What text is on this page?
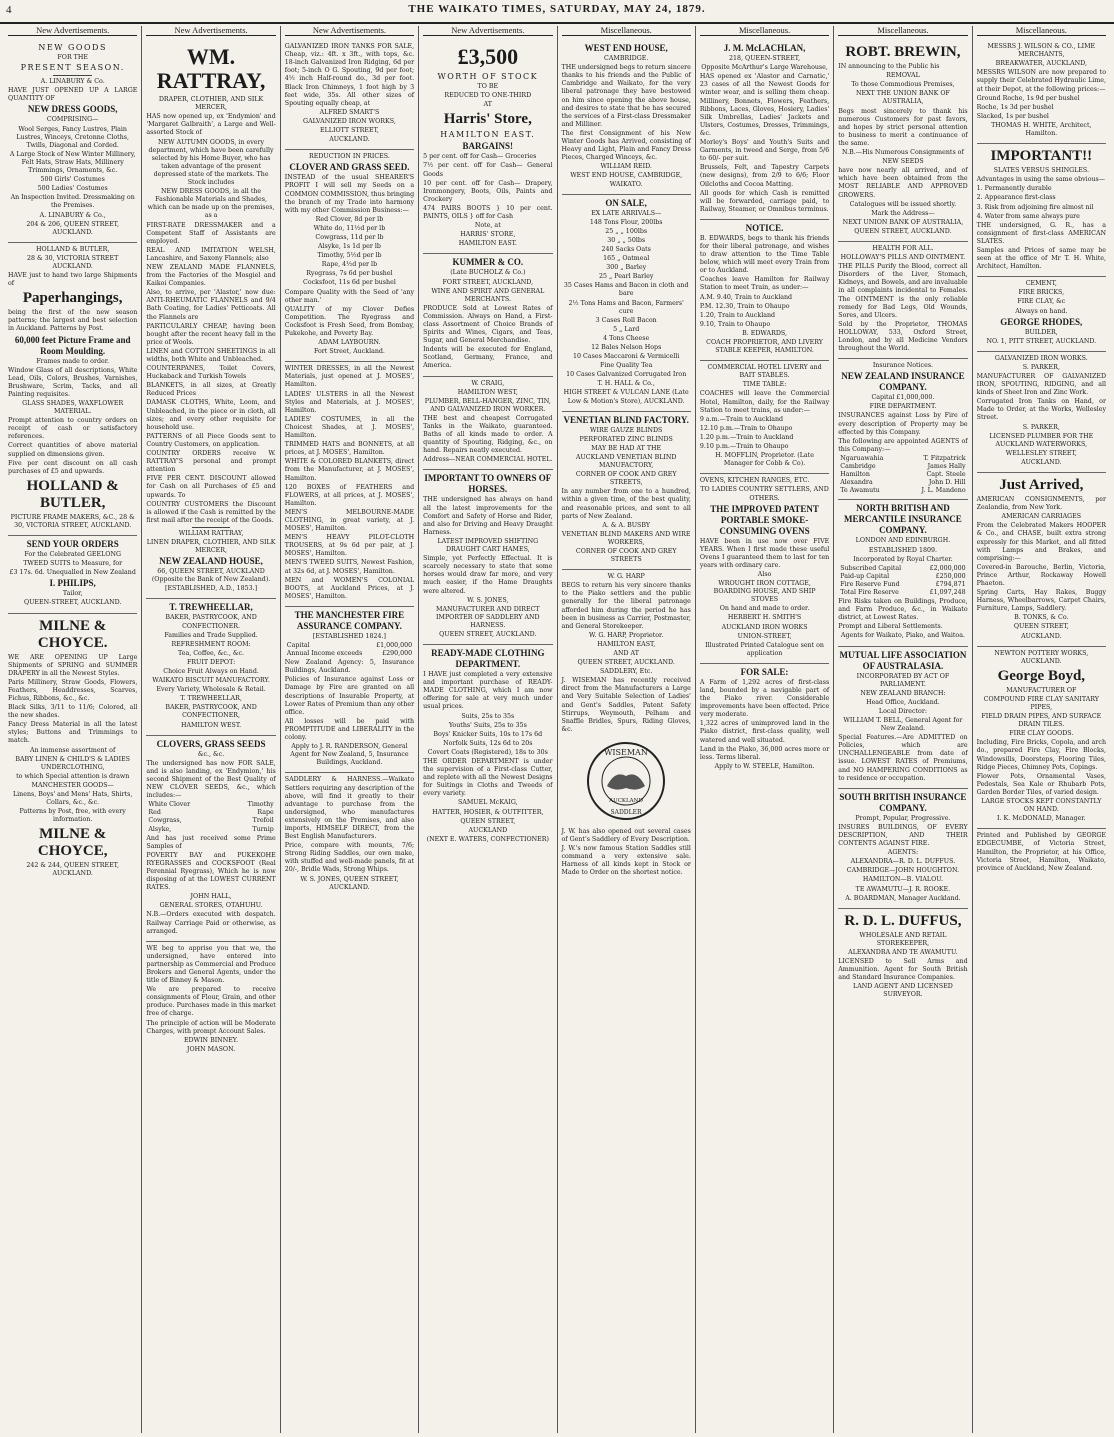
4	THE WAIKATO TIMES, SATURDAY, MAY 24, 1879.
New Advertisements.
NEW GOODS
FOR THE
PRESENT SEASON.
A. LINABURY & Co.
HAVE JUST OPENED UP A LARGE QUANTITY OF
NEW DRESS GOODS,
COMPRISING—
Wool Serges, Fancy Lustres, Plain Lustres, Winceys, Cretonne Cloths, Twills, Diagonal and Corded.
A Large Stock of New Winter Millinery, Felt Hats, Straw Hats, Millinery Trimmings, Ornaments, &c.
500 Girls' Costumes
500 Ladies' Costumes
An Inspection Invited. Dressmaking on the Premises.
A. LINABURY & Co.,
204 & 206, QUEEN STREET, AUCKLAND.
HOLLAND & BUTLER,
28 & 30, VICTORIA STREET AUCKLAND.
HAVE just to hand two large Shipments of
Paperhangings,
being the first of the new season patterns; the largest and best selection in Auckland. Patterns by Post.
60,000 feet Picture Frame and Room Moulding.
Frames made to order.
Window Glass of all descriptions, White Lead, Oils, Colors, Brushes, Varnishes, Brushware, Scrim, Tacks, and all Painting requisites.
GLASS SHADES, WAXFLOWER MATERIAL.
Prompt attention to country orders on receipt of cash or satisfactory references.
Correct quantities of above material supplied on dimensions given.
Five per cent discount on all cash purchases of £5 and upwards.
HOLLAND & BUTLER,
PICTURE FRAME MAKERS, &C., 28 & 30, VICTORIA STREET, AUCKLAND.
SEND YOUR ORDERS
For the Celebrated GEELONG
TWEED SUITS to Measure, for
£3 17s. 6d. Unequalled in New Zealand
I. PHILIPS,
Tailor,
QUEEN-STREET, AUCKLAND.
MILNE & CHOYCE.
WE ARE OPENING UP Large Shipments of SPRING and SUMMER DRAPERY in all the Newest Styles.
Paris Millinery, Straw Goods, Flowers, Feathers, Headdresses, Scarves, Fichus, Ribbons, &c., &c.
Black Silks, 3/11 to 11/6; Colored, all the new shades.
Fancy Dress Material in all the latest styles; Buttons and Trimmings to match.
An immense assortment of
BABY LINEN & CHILD'S & LADIES UNDERCLOTHING,
to which Special attention is drawn
MANCHESTER GOODS—
Linens, Boys' and Mens' Hats, Shirts, Collars, &c., &c.
Patterns by Post, free, with every information.
MILNE & CHOYCE,
242 & 244, QUEEN STREET, AUCKLAND.
New Advertisements.
WM. RATTRAY,
DRAPER, CLOTHIER, AND SILK MERCER,
HAS now opened up, ex 'Endymion' and 'Margaret Galbraith', a Large and Well-assorted Stock of
NEW AUTUMN GOODS, in every department, which have been carefully selected by his Home Buyer, who has taken advantage of the present depressed state of the markets. The Stock includes
NEW DRESS GOODS, in all the Fashionable Materials and Shades, which can be made up on the premises, as a
FIRST-RATE DRESSMAKER and a Competent Staff of Assistants are employed.
REAL AND IMITATION WELSH, Lancashire, and Saxony Flannels; also
NEW ZEALAND MADE FLANNELS, from the Factories of the Mosgiel and Kaikoi Companies.
Also, to arrive, per 'Alastor,' now due: ANTI-RHEUMATIC FLANNELS and 9/4 Bath Coating, for Ladies' Petticoats. All the Flannels are
PARTICULARLY CHEAP, having been bought after the recent heavy fall in the price of Wools.
LINEN and COTTON SHEETINGS in all widths, both White and Unbleached.
COUNTERPANES, Toilet Covers, Huckaback and Turkish Towels
BLANKETS, in all sizes, at Greatly Reduced Prices
DAMASK CLOTHS, White, Loom, and Unbleached, in the piece or in cloth, all sizes; and every other requisite for household use.
PATTERNS of all Piece Goods sent to Country Customers, on application.
COUNTRY ORDERS receive W. RATTRAY'S personal and prompt attention
FIVE PER CENT. DISCOUNT allowed for Cash on all Purchases of £5 and upwards. To
COUNTRY CUSTOMERS the Discount is allowed if the Cash is remitted by the first mail after the receipt of the Goods.
WILLIAM RATTRAY,
LINEN DRAPER, CLOTHIER, AND SILK MERCER,
NEW ZEALAND HOUSE,
66, QUEEN STREET, AUCKLAND (Opposite the Bank of New Zealand).
[ESTABLISHED, A.D., 1853.]
T. TREWHEELLAR,
BAKER, PASTRYCOOK, AND CONFECTIONER.
Families and Trade Supplied.
REFRESHMENT ROOM:
Tea, Coffee, &c., &c.
FRUIT DEPOT:
Choice Fruit Always on Hand.
WAIKATO BISCUIT MANUFACTORY.
Every Variety, Wholesale & Retail.
T. TREWHEELLAR,
BAKER, PASTRYCOOK, AND CONFECTIONER,
HAMILTON WEST.
CLOVERS, GRASS SEEDS
&c., &c.
The undersigned has now FOR SALE, and is also landing, ex 'Endymion,' his second Shipment of the Best Quality of NEW CLOVER SEEDS, &c., which includes:—
White Clover	Timothy
Red	Rape
Cowgrass,	Trefoil
Alsyke,	Turnip
And has just received some Prime Samples of
POVERTY BAY and PUKEKOHE RYEGRASSES and COCKSFOOT (Real Perennial Ryegrass), Which he is now disposing of at the LOWEST CURRENT RATES.
JOHN HALL,
GENERAL STORES, OTAHUHU.
N.B.—Orders executed with despatch. Railway Carriage Paid or otherwise, as arranged.
WE beg to apprise you that we, the undersigned, have entered into partnership as Commercial and Produce Brokers and General Agents, under the title of Binney & Mason.
We are prepared to receive consignments of Flour, Grain, and other produce. Purchases made in this market free of charge.
The principle of action will be Moderate Charges, with prompt Account Sales.
EDWIN BINNEY.
JOHN MASON.
New Advertisements.
GALVANIZED IRON TANKS FOR SALE, Cheap, viz.: 4ft. x 3ft., with tops, &c. 18-inch Galvanized Iron Ridging, 6d per foot; 5-inch O G. Spouting, 9d per foot; 4½ inch Half-round do., 3d per foot. Black Iron Chimneys, 1 foot high by 3 feet wide, 35s. All other sizes of Spouting equally cheap, at
ALFRED SMART'S
GALVANIZED IRON WORKS,
ELLIOTT STREET,
AUCKLAND.
REDUCTION IN PRICES.
CLOVER AND GRASS SEED.
INSTEAD of the usual SHEARER'S PROFIT I will sell my Seeds on a COMMON COMMISSION, thus bringing the branch of my Trade into harmony with my other Commission Business:—
Red Clover, 8d per lb
White do, 11½d per lb
Cowgrass, 11d per lb
Alsyke, 1s 1d per lb
Timothy, 5½d per lb
Rape, 4½d per lb
Ryegrass, 7s 6d per bushel
Cocksfoot, 11s 6d per bushel
Compare Quality with the Seed of 'any other man.'
QUALITY of my Clover Defies Competition. The Ryegrass and Cocksfoot is Fresh Seed, from Bombay, Pukekohe, and Poverty Bay.
ADAM LAYBOURN.
Fort Street, Auckland.
WINTER DRESSES, in all the Newest Materials, just opened at J. MOSES', Hamilton.
LADIES' ULSTERS in all the Newest Styles and Materials, at J. MOSES', Hamilton.
LADIES' COSTUMES, in all the Choicest Shades, at J. MOSES', Hamilton.
TRIMMED HATS and BONNETS, at all prices, at J. MOSES', Hamilton.
WHITE & COLORED BLANKETS, direct from the Manufacturer, at J. MOSES', Hamilton.
120 BOXES of FEATHERS and FLOWERS, at all prices, at J. MOSES', Hamilton.
MEN'S MELBOURNE-MADE CLOTHING, in great variety, at J. MOSES', Hamilton.
MEN'S HEAVY PILOT-CLOTH TROUSERS, at 9s 6d per pair, at J. MOSES', Hamilton.
MEN'S TWEED SUITS, Newest Fashion, at 32s 6d, at J. MOSES', Hamilton.
MEN and WOMEN'S COLONIAL BOOTS, at Auckland Prices, at J. MOSES', Hamilton.
THE MANCHESTER FIRE ASSURANCE COMPANY.
[ESTABLISHED 1824.]
Capital	£1,000,000
Annual Income exceeds	£290,000
New Zealand Agency: 5, Insurance Buildings, Auckland.
Policies of Insurance against Loss or Damage by Fire are granted on all descriptions of Insurable Property, at Lower Rates of Premium than any other office.
All losses will be paid with PROMPTITUDE and LIBERALITY in the colony.
Apply to J. R. RANDERSON, General Agent for New Zealand, 5, Insurance Buildings, Auckland.
SADDLERY & HARNESS.—Waikato Settlers requiring any description of the above, will find it greatly to their advantage to purchase from the undersigned, who manufactures extensively on the Premises, and also imports, HIMSELF DIRECT, from the Best English Manufacturers.
Price, compare with mounts, 7/6; Strong Riding Saddles, our own make, with stuffed and well-made panels, fit at 20/-, Bridle Wads, Strong Whips.
W. S. JONES, QUEEN STREET, AUCKLAND.
New Advertisements.
£3,500
WORTH OF STOCK
TO BE
REDUCED TO ONE-THIRD
AT
Harris' Store,
HAMILTON EAST.
BARGAINS!
5 per cent. off for Cash— Groceries
7½ per cent. off for Cash— General Goods
10 per cent. off for Cash— Drapery, Ironmongery, Boots, Oils, Paints and Crockery
474 PAIRS BOOTS } 10 per cent. PAINTS, OILS } off for Cash
Note, at
HARRIS' STORE,
HAMILTON EAST.
KUMMER & CO.
(Late BUCHOLZ & Co.)
FORT STREET, AUCKLAND,
WINE AND SPIRIT AND GENERAL MERCHANTS.
PRODUCE Sold at Lowest Rates of Commission. Always on Hand, a First-class Assortment of Choice Brands of Spirits and Wines, Cigars, and Teas, Sugar, and General Merchandise.
Indents will be executed for England, Scotland, Germany, France, and America.
W. CRAIG,
HAMILTON WEST,
PLUMBER, BELL-HANGER, ZINC, TIN, AND GALVANIZED IRON WORKER.
THE best and cheapest Corrugated Tanks in the Waikato, guaranteed. Baths of all kinds made to order. A quantity of Spouting, Ridging, &c., on hand. Repairs neatly executed.
Address—NEAR COMMERCIAL HOTEL.
IMPORTANT TO OWNERS OF HORSES.
THE undersigned has always on hand all the latest improvements for the Comfort and Safety of Horse and Rider, and also for Driving and Heavy Draught Harness.
LATEST IMPROVED SHIFTING DRAUGHT CART HAMES,
Simple, yet Perfectly Effectual. It is scarcely necessary to state that some horses would draw far more, and very much easier, if the Hame Draughts were altered.
W. S. JONES,
MANUFACTURER AND DIRECT IMPORTER OF SADDLERY AND HARNESS.
QUEEN STREET, AUCKLAND.
READY-MADE CLOTHING DEPARTMENT.
I HAVE just completed a very extensive and important purchase of READY-MADE CLOTHING, which I am now offering for sale at very much under usual prices.
Suits, 25s to 35s
Youths' Suits, 25s to 35s
Boys' Knicker Suits, 10s to 17s 6d
Norfolk Suits, 12s 6d to 20s
Covert Coats (Registered), 18s to 30s
THE ORDER DEPARTMENT is under the supervision of a First-class Cutter, and replete with all the Newest Designs for Suitings in Cloths and Tweeds of every variety.
SAMUEL McKAIG,
HATTER, HOSIER, & OUTFITTER,
QUEEN STREET,
AUCKLAND
(NEXT E. WATERS, CONFECTIONER)
Miscellaneous.
WEST END HOUSE,
CAMBRIDGE.
THE undersigned begs to return sincere thanks to his friends and the Public of Cambridge and Waikato, for the very liberal patronage they have bestowed on him since opening the above house, and desires to state that he has secured the services of a First-class Dressmaker and Milliner.
The first Consignment of his New Winter Goods has Arrived, consisting of Heavy and Light, Plain and Fancy Dress Pieces, Charged Winceys, &c.
WILLIAM REID.
WEST END HOUSE, CAMBRIDGE, WAIKATO.
ON SALE,
EX LATE ARRIVALS—
148 Tons Flour, 200lbs
25 „ „ 100lbs
30 „ „ 50lbs
240 Sacks Oats
165 „ Oatmeal
300 „ Barley
25 „ Pearl Barley
35 Cases Hams and Bacon in cloth and bare
2½ Tons Hams and Bacon, Farmers' cure
3 Cases Roll Bacon
5 „ Lard
4 Tons Cheese
12 Bales Nelson Hops
10 Cases Maccaroni & Vermicelli
Fine Quality Tea
10 Cases Galvanized Corrugated Iron
T. H. HALL & Co.,
HIGH STREET & VULCAN LANE (Late Low & Motion's Store), AUCKLAND.
VENETIAN BLIND FACTORY.
WIRE GAUZE BLINDS
PERFORATED ZINC BLINDS
MAY BE HAD AT THE
AUCKLAND VENETIAN BLIND MANUFACTORY,
CORNER OF COOK AND GREY STREETS,
In any number from one to a hundred, within a given time, of the best quality, and reasonable prices, and sent to all parts of New Zealand.
A. & A. BUSBY
VENETIAN BLIND MAKERS AND WIRE WORKERS,
CORNER OF COOK AND GREY STREETS
W. G. HARP
BEGS to return his very sincere thanks to the Piako settlers and the public generally for the liberal patronage afforded him during the period he has been in business as Carrier, Postmaster, and General Storekeeper.
W. G. HARP, Proprietor.
HAMILTON EAST,
AND AT
QUEEN STREET, AUCKLAND.
SADDLERY, Etc.
J. WISEMAN has recently received direct from the Manufacturers a Large and Very Suitable Selection of Ladies' and Gent's Saddles, Patent Safety Stirrups, Weymouth, Pelham and Snaffle Bridles, Spurs, Riding Gloves, &c.
WISEMAN
AUCKLAND
SADDLER
J. W. has also opened out several cases of Gent's Saddlery of Every Description.
J. W.'s now famous Station Saddles still command a very extensive sale. Harness of all kinds kept in Stock or Made to Order on the shortest notice.
Miscellaneous.
J. M. McLACHLAN,
218, QUEEN-STREET,
Opposite McArthur's Large Warehouse,
HAS opened ex 'Alastor and Carnatic,' 23 cases of all the Newest Goods for winter wear, and is selling them cheap. Millinery, Bonnets, Flowers, Feathers, Ribbons, Laces, Gloves, Hosiery, Ladies' Silk Umbrellas, Ladies' Jackets and Ulsters, Costumes, Dresses, Trimmings, &c.
Morley's Boys' and Youth's Suits and Garments, in tweed and Serge, from 5/6 to 60/- per suit.
Brussels, Felt, and Tapestry Carpets (new designs), from 2/9 to 6/6; Floor Oilcloths and Cocoa Matting.
All goods for which Cash is remitted will be forwarded, carriage paid, to Railway, Steamer, or Omnibus terminus.
NOTICE.
B. EDWARDS, begs to thank his friends for their liberal patronage, and wishes to draw attention to the Time Table below, which will meet every Train from or to Auckland.
Coaches leave Hamilton for Railway Station to meet Train, as under:—
A.M. 9.40, Train to Auckland
P.M. 12.30, Train to Ohaupo
1.20, Train to Auckland
9.10, Train to Ohaupo
B. EDWARDS,
COACH PROPRIETOR, AND LIVERY STABLE KEEPER, HAMILTON.
COMMERCIAL HOTEL LIVERY and BAIT STABLES.
TIME TABLE:
COACHES will leave the Commercial Hotel, Hamilton, daily, for the Railway Station to meet trains, as under:—
9 a.m.—Train to Auckland
12.10 p.m.—Train to Ohaupo
1.20 p.m.—Train to Auckland
9.10 p.m.—Train to Ohaupo
H. MOFFLIN, Proprietor. (Late Manager for Cobb & Co).
OVENS, KITCHEN RANGES, ETC.
TO LADIES COUNTRY SETTLERS, AND OTHERS.
THE IMPROVED PATENT PORTABLE SMOKE-CONSUMING OVENS
HAVE been in use now over FIVE YEARS. When I first made these useful Ovens I guaranteed them to last for ten years with ordinary care.
Also
WROUGHT IRON COTTAGE, BOARDING HOUSE, AND SHIP STOVES
On hand and made to order.
HERBERT H. SMITH'S
AUCKLAND IRON WORKS
UNION-STREET,
Illustrated Printed Catalogue sent on application
FOR SALE:
A Farm of 1,292 acres of first-class land, bounded by a navigable part of the Piako river. Considerable improvements have been effected. Price very moderate.
1,322 acres of unimproved land in the Piako district, first-class quality, well watered and well situated.
Land in the Piako, 36,000 acres more or less. Terms liberal.
Apply to W. STEELE, Hamilton.
Miscellaneous.
ROBT. BREWIN,
IN announcing to the Public his
REMOVAL
To those Commodious Premises,
NEXT THE UNION BANK OF AUSTRALIA,
Begs most sincerely to thank his numerous Customers for past favors, and hopes by strict personal attention to business to merit a continuance of the same.
N.B.—His Numerous Consignments of
NEW SEEDS
have now nearly all arrived, and of which have been obtained from the MOST RELIABLE AND APPROVED GROWERS.
Catalogues will be issued shortly.
Mark the Address—
NEXT UNION BANK OF AUSTRALIA,
QUEEN STREET, AUCKLAND.
HEALTH FOR ALL.
HOLLOWAY'S PILLS AND OINTMENT.
THE PILLS Purify the Blood, correct all Disorders of the Liver, Stomach, Kidneys, and Bowels, and are invaluable in all complaints incidental to Females. The OINTMENT is the only reliable remedy for Bad Legs, Old Wounds, Sores, and Ulcers.
Sold by the Proprietor, THOMAS HOLLOWAY, 533, Oxford Street, London, and by all Medicine Vendors throughout the World.
Insurance Notices.
NEW ZEALAND INSURANCE COMPANY.
Capital £1,000,000.
FIRE DEPARTMENT.
INSURANCES against Loss by Fire of every description of Property may be effected by this Company.
The following are appointed AGENTS of this Company:—
Ngaruawahia	T. Fitzpatrick
Cambridge	James Hally
Hamilton	Capt. Steele
Alexandra	John D. Hill
Te Awamutu	J. L. Mandeno
NORTH BRITISH AND MERCANTILE INSURANCE COMPANY.
LONDON AND EDINBURGH.
ESTABLISHED 1809.
Incorporated by Royal Charter.
Subscribed Capital	£2,000,000
Paid-up Capital	£250,000
Fire Reserve Fund	£794,871
Total Fire Reserve	£1,097,248
Fire Risks taken on Buildings, Produce, and Farm Produce, &c., in Waikato district, at Lowest Rates.
Prompt and Liberal Settlements.
Agents for Waikato, Piako, and Waitoa.
MUTUAL LIFE ASSOCIATION OF AUSTRALASIA.
INCORPORATED BY ACT OF PARLIAMENT.
NEW ZEALAND BRANCH:
Head Office, Auckland.
Local Director:
WILLIAM T. BELL, General Agent for New Zealand.
Special Features.—Are ADMITTED on Policies, which are UNCHALLENGEABLE from date of issue. LOWEST RATES of Premiums, and NO HAMPERING CONDITIONS as to residence or occupation.
SOUTH BRITISH INSURANCE COMPANY.
Prompt, Popular, Progressive.
INSURES BUILDINGS, OF EVERY DESCRIPTION, AND THEIR CONTENTS AGAINST FIRE.
AGENTS:
ALEXANDRA—R. D. L. DUFFUS.
CAMBRIDGE—JOHN HOUGHTON.
HAMILTON—B. VIALOU.
TE AWAMUTU—J. R. ROOKE.
A. BOARDMAN, Manager Auckland.
R. D. L. DUFFUS,
WHOLESALE AND RETAIL STOREKEEPER,
ALEXANDRA AND TE AWAMUTU.
LICENSED to Sell Arms and Ammunition. Agent for South British and Standard Insurance Companies.
LAND AGENT AND LICENSED SURVEYOR.
Miscellaneous.
MESSRS J. WILSON & CO., LIME MERCHANTS,
BREAKWATER, AUCKLAND,
MESSRS WILSON are now prepared to supply their Celebrated Hydraulic Lime, at their Depot, at the following prices:—
Ground Roche, 1s 9d per bushel
Roche, 1s 3d per bushel
Slacked, 1s per bushel
THOMAS H. WHITE, Architect, Hamilton.
IMPORTANT!!
SLATES VERSUS SHINGLES.
Advantages in using the same obvious—
1. Permanently durable
2. Appearance first-class
3. Risk from adjoining fire almost nil
4. Water from same always pure
THE undersigned, G. R., has a consignment of first-class AMERICAN SLATES.
Samples and Prices of same may be seen at the office of Mr T. H. White, Architect, Hamilton.
CEMENT,
FIRE BRICKS,
FIRE CLAY, &c
Always on hand.
GEORGE RHODES,
BUILDER,
NO. 1, PITT STREET, AUCKLAND.
GALVANIZED IRON WORKS.
S. PARKER,
MANUFACTURER OF GALVANIZED IRON, SPOUTING, RIDGING, and all kinds of Sheet Iron and Zinc Work.
Corrugated Iron Tanks on Hand, or Made to Order, at the Works, Wellesley Street.
S. PARKER,
LICENSED PLUMBER FOR THE AUCKLAND WATERWORKS,
WELLESLEY STREET,
AUCKLAND.
Just Arrived,
AMERICAN CONSIGNMENTS, per Zealandia, from New York.
AMERICAN CARRIAGES
From the Celebrated Makers HOOPER & Co., and CHASE, built extra strong expressly for this Market, and all fitted with Lamps and Brakes, and comprising:—
Covered-in Barouche, Berlin, Victoria, Prince Arthur, Rockaway Howell Phaeton.
Spring Carts, Hay Rakes, Buggy Harness, Wheelbarrows, Carpet Chairs, Furniture, Lamps, Saddlery.
B. TONKS, & Co.
QUEEN STREET,
AUCKLAND.
NEWTON POTTERY WORKS, AUCKLAND.
George Boyd,
MANUFACTURER OF
COMPOUND FIRE CLAY SANITARY PIPES,
FIELD DRAIN PIPES, AND SURFACE DRAIN TILES.
FIRE CLAY GOODS.
Including, Fire Bricks, Copola, and arch do., prepared Fire Clay, Fire Blocks, Windowsills, Doorsteps, Flooring Tiles, Ridge Pieces, Chimney Pots, Copings.
Flower Pots, Ornamental Vases, Pedestals, Sea Kale or Rhubarb Pots, Garden Border Tiles, of varied design.
LARGE STOCKS KEPT CONSTANTLY ON HAND.
I. K. McDONALD, Manager.
Printed and Published by GEORGE EDGECUMBE, of Victoria Street, Hamilton, the Proprietor, at his Office, Victoria Street, Hamilton, Waikato, province of Auckland, New Zealand.
